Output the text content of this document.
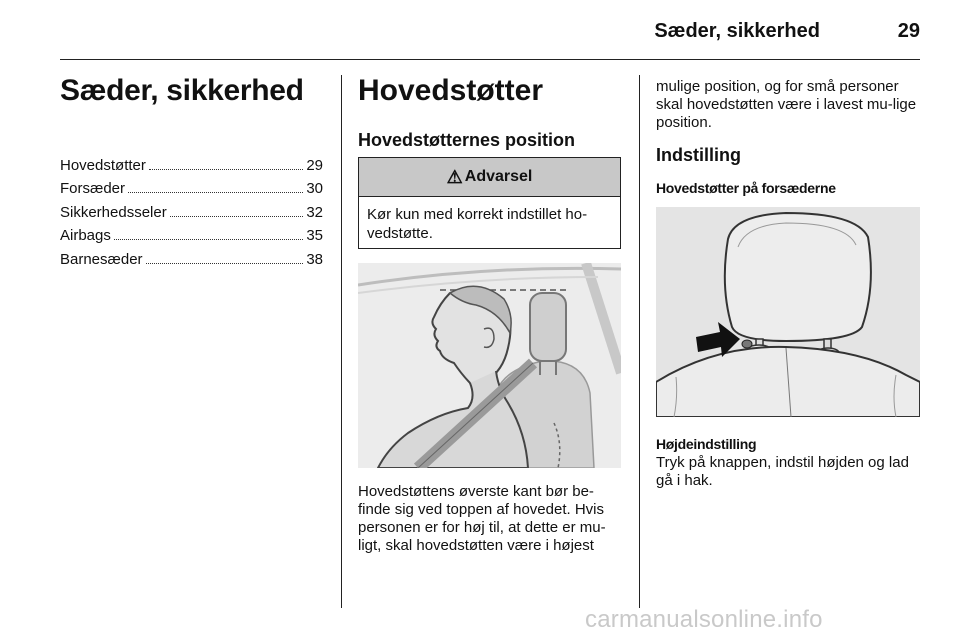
Sæder, sikkerhed	29
Sæder, sikkerhed
Hovedstøtter	29
Forsæder	30
Sikkerhedsseler	32
Airbags	35
Barnesæder	38
Hovedstøtter
Hovedstøtternes position
⚠ Advarsel
Kør kun med korrekt indstillet ho-vedstøtte.
Hovedstøttens øverste kant bør be-finde sig ved toppen af hovedet. Hvis personen er for høj til, at dette er mu-ligt, skal hovedstøtten være i højest
mulige position, og for små personer skal hovedstøtten være i lavest mu-lige position.
Indstilling
Hovedstøtter på forsæderne
Højdeindstilling
Tryk på knappen, indstil højden og lad gå i hak.
carmanualsonline.info
